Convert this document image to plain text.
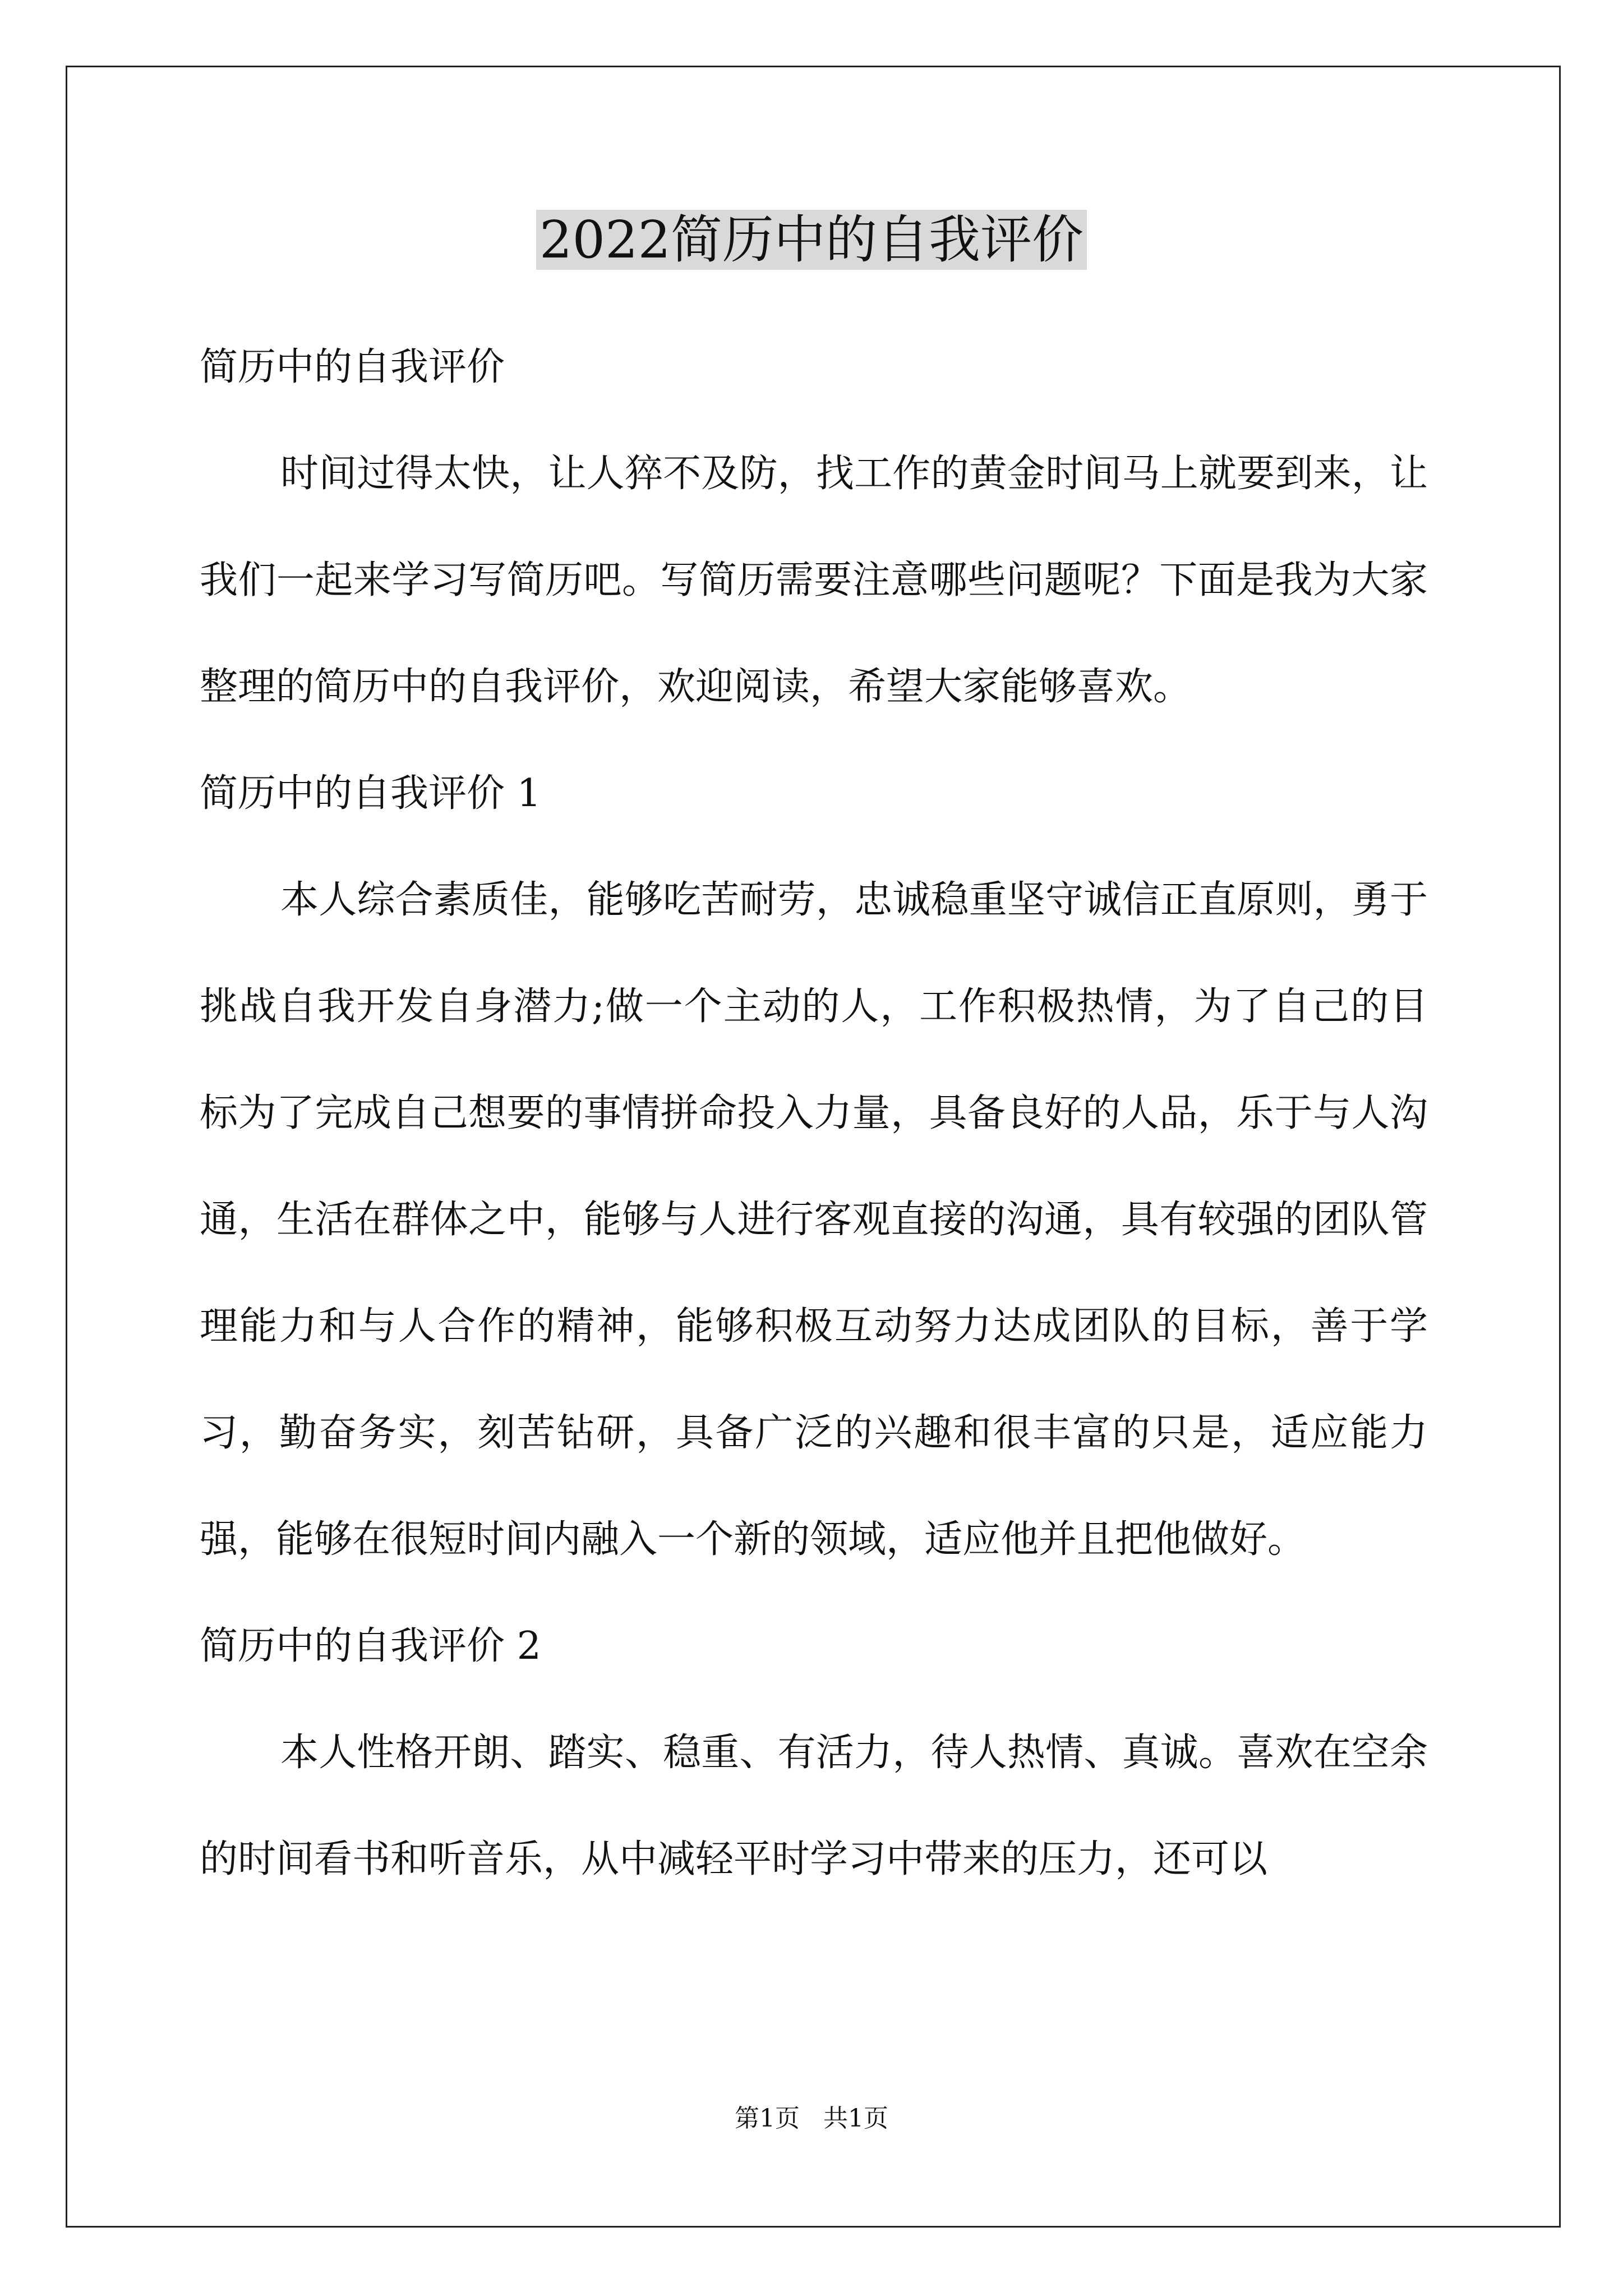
2022简历中的自我评价

简历中的自我评价

时间过得太快，让人猝不及防，找工作的黄金时间马上就要到来，让我们一起来学习写简历吧。写简历需要注意哪些问题呢？下面是我为大家整理的简历中的自我评价，欢迎阅读，希望大家能够喜欢。

简历中的自我评价 1

本人综合素质佳，能够吃苦耐劳，忠诚稳重坚守诚信正直原则，勇于挑战自我开发自身潜力;做一个主动的人，工作积极热情，为了自己的目标为了完成自己想要的事情拼命投入力量，具备良好的人品，乐于与人沟通，生活在群体之中，能够与人进行客观直接的沟通，具有较强的团队管理能力和与人合作的精神，能够积极互动努力达成团队的目标，善于学习，勤奋务实，刻苦钻研，具备广泛的兴趣和很丰富的只是，适应能力强，能够在很短时间内融入一个新的领域，适应他并且把他做好。

简历中的自我评价 2

本人性格开朗、踏实、稳重、有活力，待人热情、真诚。喜欢在空余的时间看书和听音乐，从中减轻平时学习中带来的压力，还可以

第1页   共1页
